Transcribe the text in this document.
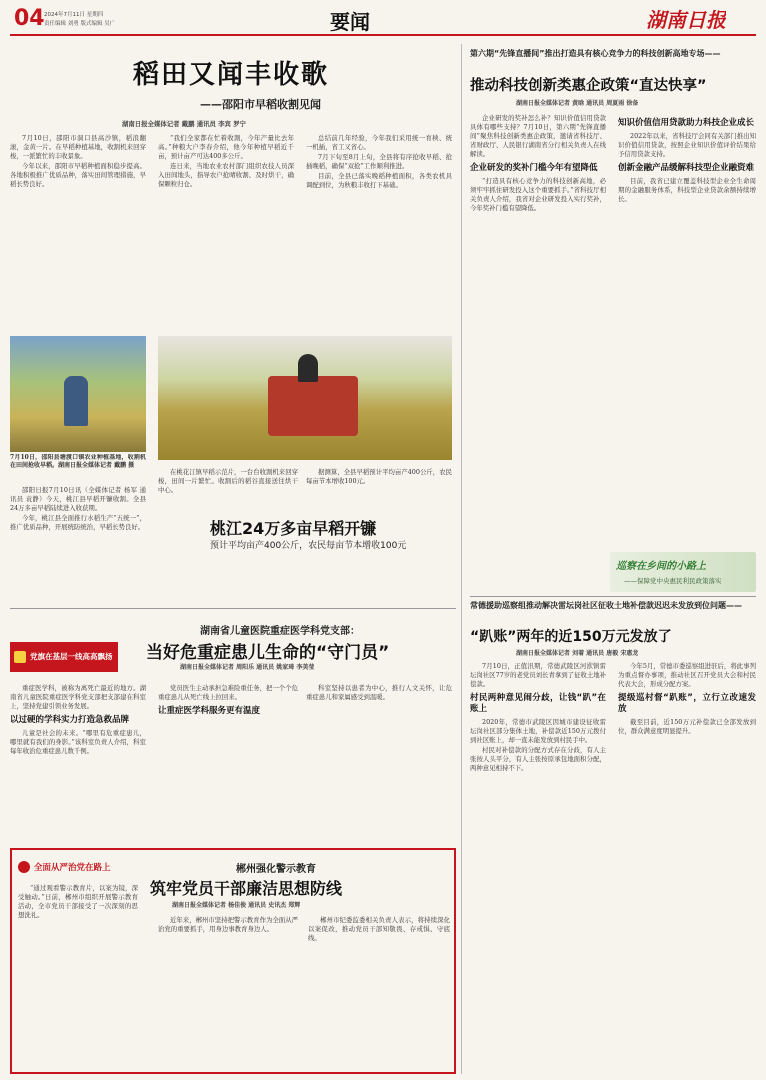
04 2024年7月11日 星期四
责任编辑 刘勇 版式编辑 吴广	要闻	湖南日报
稻田又闻丰收歌
——邵阳市早稻收割见闻
湖南日报全媒体记者 戴鹏 通讯员 李宾 罗宁

7月10日，邵阳市洞口县高沙镇，稻浪翻滚，金黄一片。在早稻种植基地，收割机来回穿梭，一派繁忙的丰收景象。

今年以来，邵阳市早稻种植面积稳步提高。各地积极推广优质品种，落实田间管理措施，早稻长势良好。

“我们全家都在忙着收割，今年产量比去年高。”种粮大户李春介绍，他今年种植早稻近千亩，预计亩产可达400多公斤。

连日来，当地农业农村部门组织农技人员深入田间地头，指导农户抢晴收割、及时烘干，确保颗粒归仓。

总结前几年经验，今年我们采用统一育秧、统一机插，省工又省心。

7月下旬至8月上旬，全县将有序抢收早稻、抢插晚稻，确保“双抢”工作顺利推进。

目前，全县已落实晚稻种植面积，各类农机具调配到位，为秋粮丰收打下基础。

7月10日，邵阳县塘渡口镇农业种植基地，收割机在田间抢收早稻。湖南日报全媒体记者 戴鹏 摄
桃江24万多亩早稻开镰
预计平均亩产400公斤，农民每亩节本增收100元

邵阳日报7月10日讯（全媒体记者 杨军 通讯员 袁静）今天，桃江县早稻开镰收割。全县24万多亩早稻陆续进入收获期。

今年，桃江县全面推行水稻生产“五统一”，推广优质品种，开展统防统治，早稻长势良好。

在桃花江镇早稻示范片，一台台收割机来回穿梭，田间一片繁忙。收割后的稻谷直接送往烘干中心。

据测算，全县早稻预计平均亩产400公斤，农民每亩节本增收100元。

第六期“先锋直播间”推出打造具有核心竞争力的科技创新高地专场——
推动科技创新类惠企政策“直达快享”
湖南日报全媒体记者 黄晗 通讯员 周夏雨 徐备

企业研发的奖补怎么补？知识价值信用贷款具体有哪些支持？7月10日，第六期“先锋直播间”聚焦科技创新类惠企政策，邀请省科技厅、省财政厅、人民银行湖南省分行相关负责人在线解读。

企业研发的奖补门槛今年有望降低

“打造具有核心竞争力的科技创新高地，必须牢牢抓住研发投入这个重要抓手。”省科技厅相关负责人介绍，我省对企业研发投入实行奖补，今年奖补门槛有望降低。

知识价值信用贷款助力科技企业成长

2022年以来，省科技厅会同有关部门推出知识价值信用贷款，按照企业知识价值评价结果给予信用贷款支持。

创新金融产品缓解科技型企业融资难

目前，我省已建立覆盖科技型企业全生命周期的金融服务体系，科技型企业贷款余额持续增长。

巡察在乡间的小路上
——保障党中央惠民利民政策落实
常德援助巡察组推动解决雷坛岗社区征收土地补偿款迟迟未发放到位问题——
“趴账”两年的近150万元发放了
湖南日报全媒体记者 刘着 通讯员 唐毅 宋惠龙

7月10日，正值汛期，常德武陵区河洑镇雷坛岗社区77岁的老党员刘长青拿到了征收土地补偿款。

村民两种意见闹分歧，让钱“趴”在账上

2020年，常德市武陵区因城市建设征收雷坛岗社区部分集体土地，补偿款近150万元拨付到社区账上，却一直未能发放到村民手中。

村民对补偿款的分配方式存在分歧，有人主张按人头平分，有人主张按原承包地面积分配，两种意见相持不下。

今年5月，常德市委巡察组进驻后，将此事列为重点督办事项，推动社区召开党员大会和村民代表大会，形成分配方案。

提级巡村督“趴账”，立行立改速发放

截至目前，近150万元补偿款已全部发放到位，群众满意度明显提升。

党旗在基层一线高高飘扬
湖南省儿童医院重症医学科党支部：
当好危重症患儿生命的“守门员”
湖南日报全媒体记者 周阳乐 通讯员 姚家琦 李美莹

重症医学科，被称为离死亡最近的地方。湖南省儿童医院重症医学科党支部把支部建在科室上，坚持党建引领业务发展。

以过硬的学科实力打造急救品牌

儿童是社会的未来。“哪里有危重症患儿，哪里就有我们的身影。”该科室负责人介绍，科室每年收治危重症患儿数千例。

党员医生主动承担急难险重任务，把一个个危重症患儿从死亡线上拉回来。

让重症医学科服务更有温度

科室坚持以患者为中心，推行人文关怀，让危重症患儿和家属感受到温暖。

全面从严治党在路上	郴州强化警示教育
筑牢党员干部廉洁思想防线
湖南日报全媒体记者 杨佳俊 通讯员 史讯杰 郑辉

“通过观看警示教育片，以案为镜，深受触动。”日前，郴州市组织开展警示教育活动，全市党员干部接受了一次深刻的思想洗礼。

近年来，郴州市坚持把警示教育作为全面从严治党的重要抓手，用身边事教育身边人。

郴州市纪委监委相关负责人表示，将持续深化以案促改，推动党员干部知敬畏、存戒惧、守底线。
